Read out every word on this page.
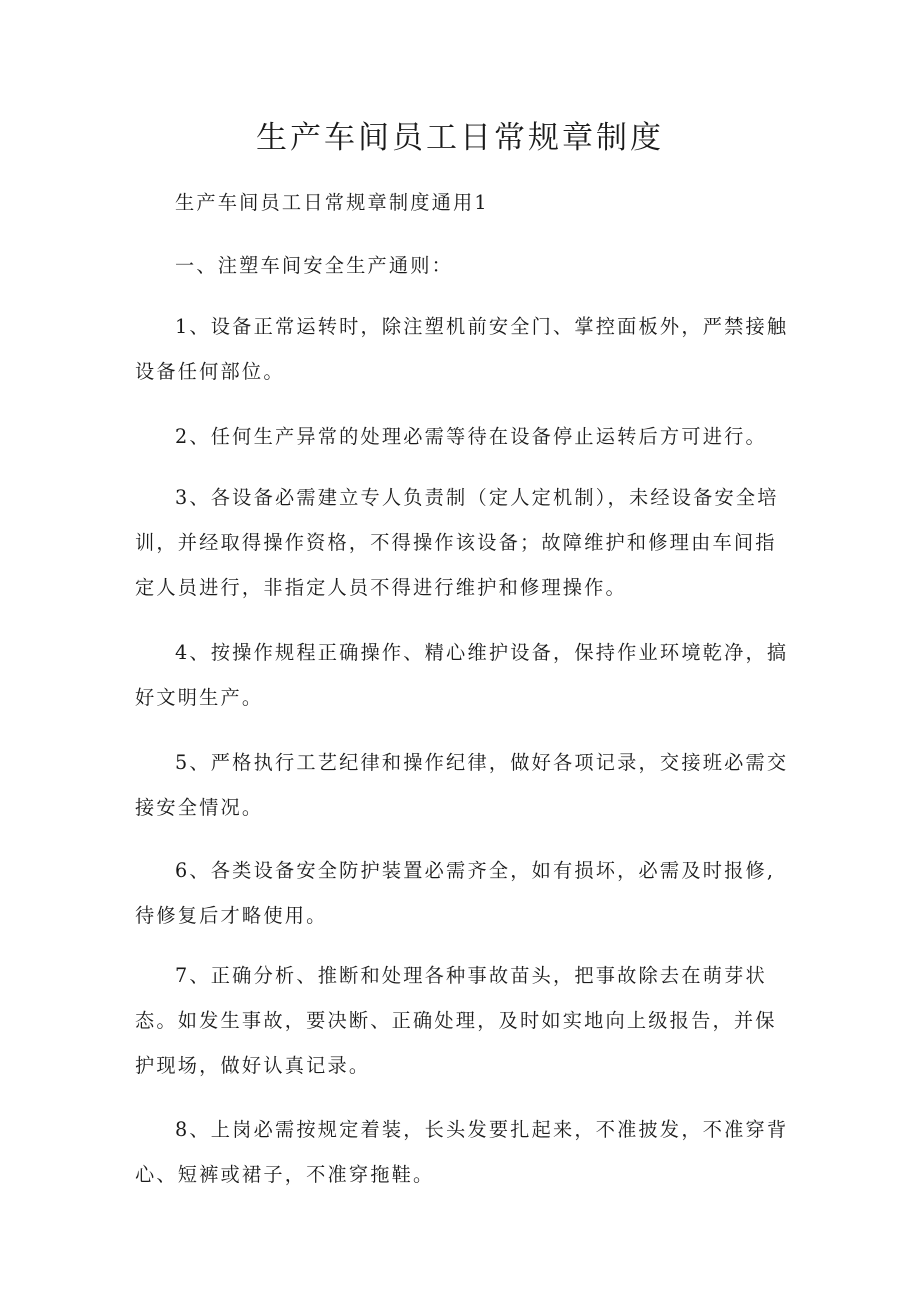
生产车间员工日常规章制度

生产车间员工日常规章制度通用1

一、注塑车间安全生产通则：

1、设备正常运转时，除注塑机前安全门、掌控面板外，严禁接触设备任何部位。

2、任何生产异常的处理必需等待在设备停止运转后方可进行。

3、各设备必需建立专人负责制（定人定机制），未经设备安全培训，并经取得操作资格，不得操作该设备；故障维护和修理由车间指定人员进行，非指定人员不得进行维护和修理操作。

4、按操作规程正确操作、精心维护设备，保持作业环境乾净，搞好文明生产。

5、严格执行工艺纪律和操作纪律，做好各项记录，交接班必需交接安全情况。

6、各类设备安全防护装置必需齐全，如有损坏，必需及时报修,待修复后才略使用。

7、正确分析、推断和处理各种事故苗头，把事故除去在萌芽状态。如发生事故，要决断、正确处理，及时如实地向上级报告，并保护现场，做好认真记录。

8、上岗必需按规定着装，长头发要扎起来，不准披发，不准穿背心、短裤或裙子，不准穿拖鞋。
